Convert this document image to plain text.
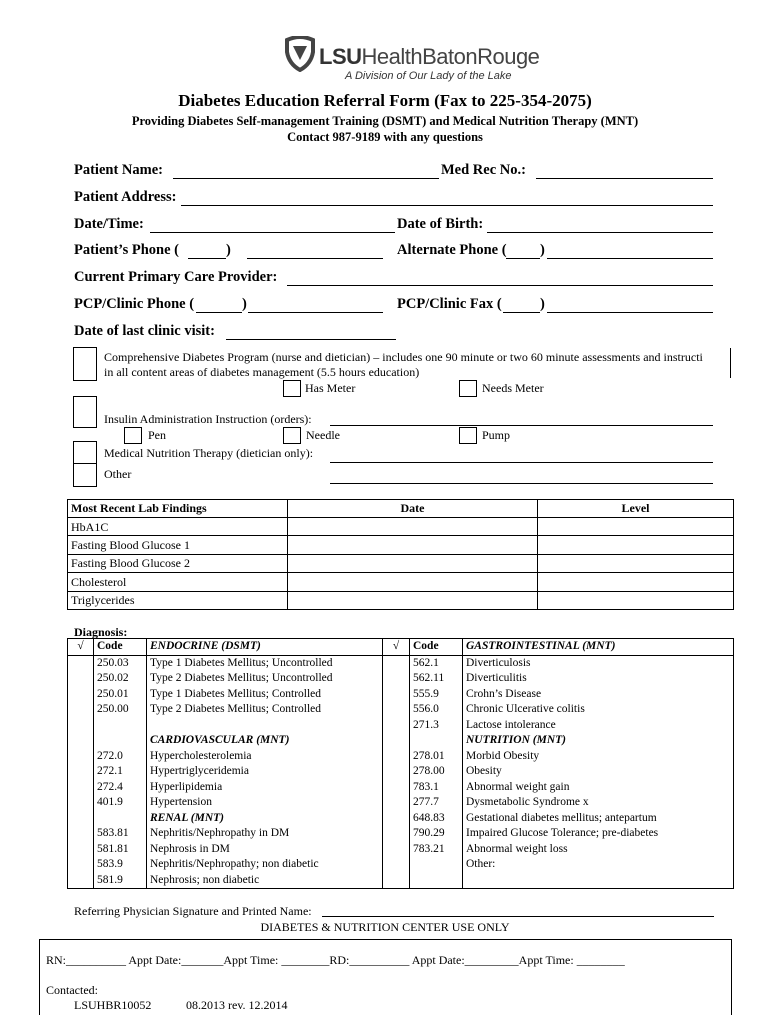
LSUHealthBatonRouge
A Division of Our Lady of the Lake
Diabetes Education Referral Form (Fax to 225-354-2075)
Providing Diabetes Self-management Training (DSMT) and Medical Nutrition Therapy (MNT)
Contact 987-9189 with any questions
Patient Name:	Med Rec No.:
Patient Address:
Date/Time:	Date of Birth:
Patient’s Phone (	)	Alternate Phone ( )
Current Primary Care Provider:
PCP/Clinic Phone (	)	PCP/Clinic Fax (	)
Date of last clinic visit:
Comprehensive Diabetes Program (nurse and dietician) – includes one 90 minute or two 60 minute assessments and instructi
in all content areas of diabetes management (5.5 hours education)
Has Meter	Needs Meter
Insulin Administration Instruction (orders):
Pen	Needle	Pump
Medical Nutrition Therapy (dietician only):
Other
Most Recent Lab Findings	Date	Level
HbA1C		
Fasting Blood Glucose 1		
Fasting Blood Glucose 2		
Cholesterol		
Triglycerides		
Diagnosis:
√	Code	ENDOCRINE (DSMT)	√	Code	GASTROINTESTINAL (MNT)
	250.03	Type 1 Diabetes Mellitus; Uncontrolled		562.1	Diverticulosis
	250.02	Type 2 Diabetes Mellitus; Uncontrolled		562.11	Diverticulitis
	250.01	Type 1 Diabetes Mellitus; Controlled		555.9	Crohn’s Disease
	250.00	Type 2 Diabetes Mellitus; Controlled		556.0	Chronic Ulcerative colitis
				271.3	Lactose intolerance
		CARDIOVASCULAR (MNT)			NUTRITION (MNT)
	272.0	Hypercholesterolemia		278.01	Morbid Obesity
	272.1	Hypertriglyceridemia		278.00	Obesity
	272.4	Hyperlipidemia		783.1	Abnormal weight gain
	401.9	Hypertension		277.7	Dysmetabolic Syndrome x
		RENAL (MNT)		648.83	Gestational diabetes mellitus; antepartum
	583.81	Nephritis/Nephropathy in DM		790.29	Impaired Glucose Tolerance; pre-diabetes
	581.81	Nephrosis in DM		783.21	Abnormal weight loss
	583.9	Nephritis/Nephropathy; non diabetic			Other:
	581.9	Nephrosis; non diabetic			
Referring Physician Signature and Printed Name:
DIABETES & NUTRITION CENTER USE ONLY
RN:__________ Appt Date:_______Appt Time: ________RD:__________ Appt Date:_________Appt Time: ________
Contacted:
LSUHBR10052	08.2013 rev. 12.2014
